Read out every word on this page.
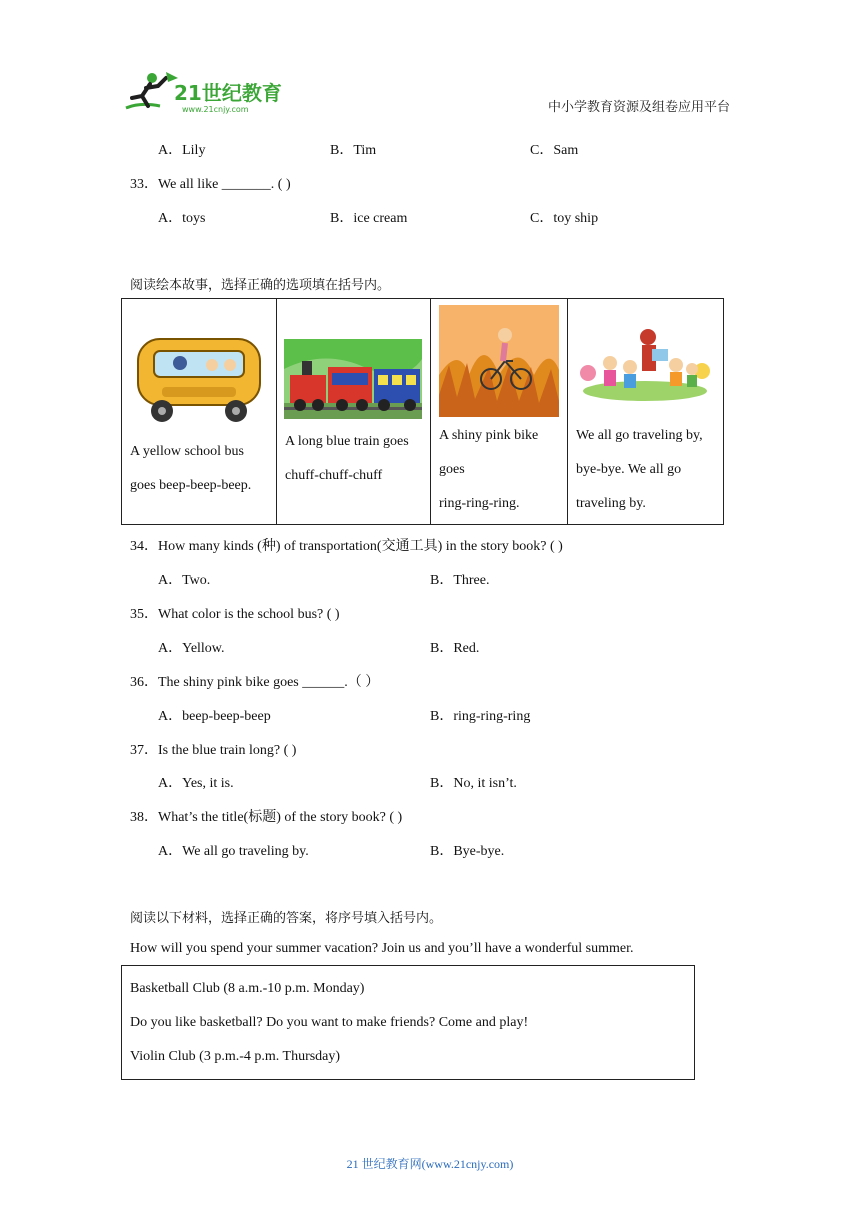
21世纪教育
www.21cnjy.com	中小学教育资源及组卷应用平台
A．Lily	B．Tim	C．Sam
33．We all like _______. ( )
A．toys	B．ice cream	C．toy ship
阅读绘本故事，选择正确的选项填在括号内。
A yellow school bus
goes beep-beep-beep.

A long blue train goes
chuff-chuff-chuff

A shiny pink bike
goes
ring-ring-ring.

We all go traveling by,
bye-bye. We all go
traveling by.
34．How many kinds (种) of transportation(交通工具) in the story book? ( )
A．Two.	B．Three.
35．What color is the school bus? ( )
A．Yellow.	B．Red.
36．The shiny pink bike goes ______.（ ）
A．beep-beep-beep	B．ring-ring-ring
37．Is the blue train long? ( )
A．Yes, it is.	B．No, it isn’t.
38．What’s the title(标题) of the story book? ( )
A．We all go traveling by.	B．Bye-bye.
阅读以下材料，选择正确的答案，将序号填入括号内。
How will you spend your summer vacation? Join us and you’ll have a wonderful summer.
Basketball Club (8 a.m.-10 p.m. Monday)
Do you like basketball? Do you want to make friends? Come and play!
Violin Club (3 p.m.-4 p.m. Thursday)
21 世纪教育网(www.21cnjy.com)
